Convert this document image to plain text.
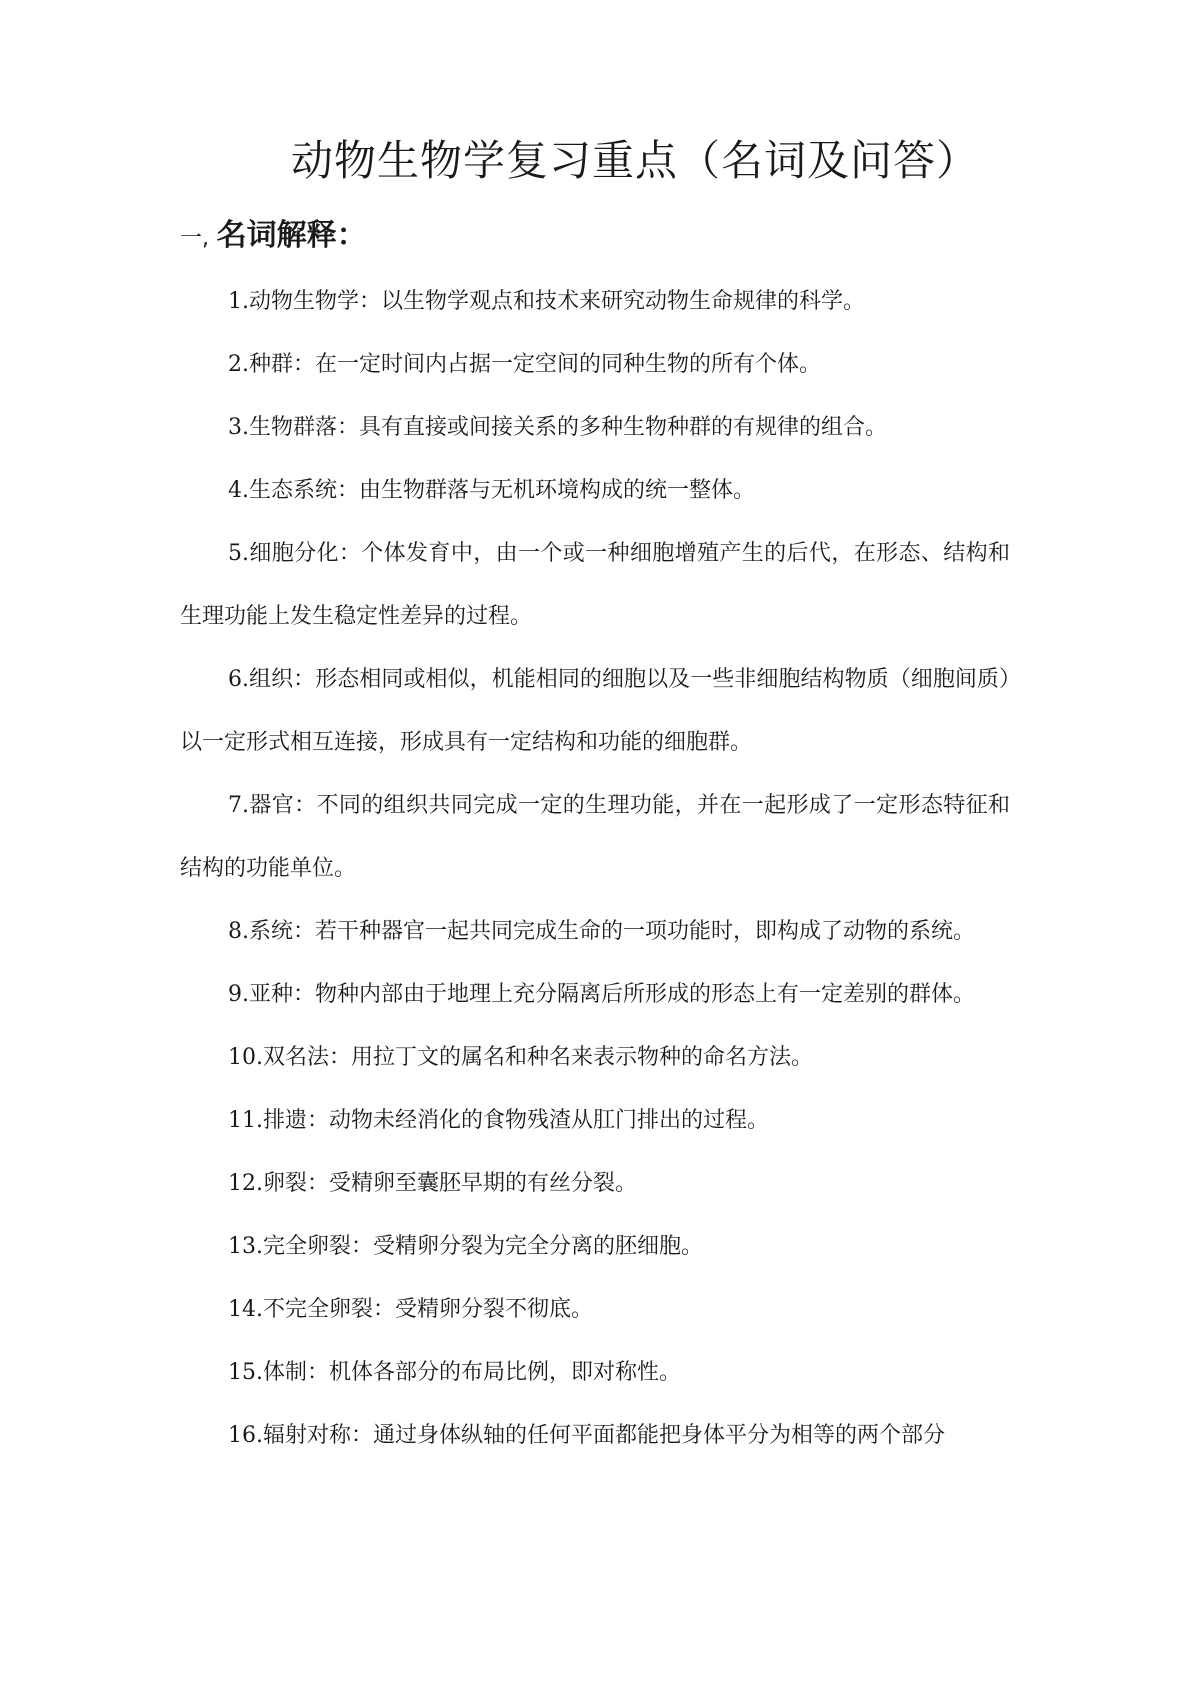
动物生物学复习重点（名词及问答）
一, 名词解释：
1.动物生物学：以生物学观点和技术来研究动物生命规律的科学。
2.种群：在一定时间内占据一定空间的同种生物的所有个体。
3.生物群落：具有直接或间接关系的多种生物种群的有规律的组合。
4.生态系统：由生物群落与无机环境构成的统一整体。
5.细胞分化：个体发育中，由一个或一种细胞增殖产生的后代，在形态、结构和生理功能上发生稳定性差异的过程。
6.组织：形态相同或相似，机能相同的细胞以及一些非细胞结构物质（细胞间质）以一定形式相互连接，形成具有一定结构和功能的细胞群。
7.器官：不同的组织共同完成一定的生理功能，并在一起形成了一定形态特征和结构的功能单位。
8.系统：若干种器官一起共同完成生命的一项功能时，即构成了动物的系统。
9.亚种：物种内部由于地理上充分隔离后所形成的形态上有一定差别的群体。
10.双名法：用拉丁文的属名和种名来表示物种的命名方法。
11.排遗：动物未经消化的食物残渣从肛门排出的过程。
12.卵裂：受精卵至囊胚早期的有丝分裂。
13.完全卵裂：受精卵分裂为完全分离的胚细胞。
14.不完全卵裂：受精卵分裂不彻底。
15.体制：机体各部分的布局比例，即对称性。
16.辐射对称：通过身体纵轴的任何平面都能把身体平分为相等的两个部分
